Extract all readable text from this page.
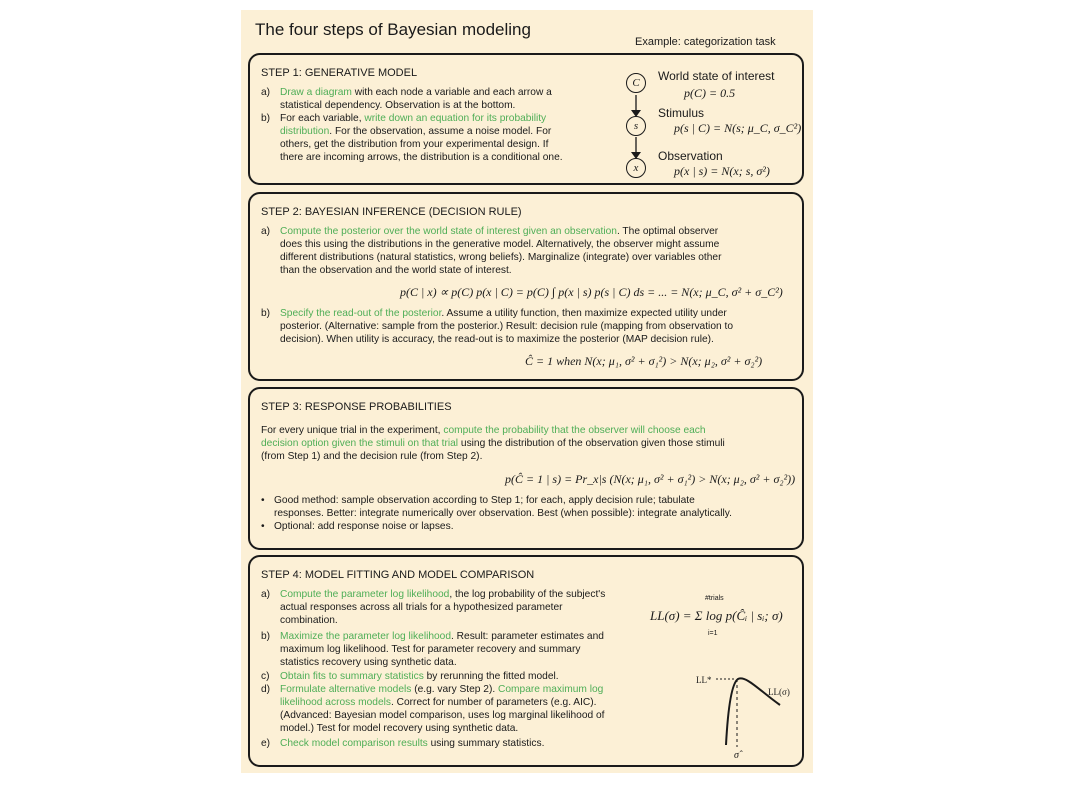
The four steps of Bayesian modeling
Example: categorization task
STEP 1: GENERATIVE MODEL
a) Draw a diagram with each node a variable and each arrow a
statistical dependency. Observation is at the bottom.
b) For each variable, write down an equation for its probability
distribution. For the observation, assume a noise model. For
others, get the distribution from your experimental design. If
there are incoming arrows, the distribution is a conditional one.
C
s
x
World state of interest
p(C) = 0.5
Stimulus
p(s | C) = N(s; μ_C, σ_C²)
Observation
p(x | s) = N(x; s, σ²)
STEP 2: BAYESIAN INFERENCE (DECISION RULE)
a) Compute the posterior over the world state of interest given an observation. The optimal observer
does this using the distributions in the generative model. Alternatively, the observer might assume
different distributions (natural statistics, wrong beliefs). Marginalize (integrate) over variables other
than the observation and the world state of interest.
p(C | x) ∝ p(C) p(x | C) = p(C) ∫ p(x | s) p(s | C) ds = ... = N(x; μ_C, σ² + σ_C²)
b) Specify the read-out of the posterior. Assume a utility function, then maximize expected utility under
posterior. (Alternative: sample from the posterior.) Result: decision rule (mapping from observation to
decision). When utility is accuracy, the read-out is to maximize the posterior (MAP decision rule).
Ĉ = 1 when N(x; μ₁, σ² + σ₁²) > N(x; μ₂, σ² + σ₂²)
STEP 3: RESPONSE PROBABILITIES
For every unique trial in the experiment, compute the probability that the observer will choose each
decision option given the stimuli on that trial using the distribution of the observation given those stimuli
(from Step 1) and the decision rule (from Step 2).
p(Ĉ = 1 | s) = Pr_x|s (N(x; μ₁, σ² + σ₁²) > N(x; μ₂, σ² + σ₂²))
• Good method: sample observation according to Step 1; for each, apply decision rule; tabulate
responses. Better: integrate numerically over observation. Best (when possible): integrate analytically.
• Optional: add response noise or lapses.
STEP 4: MODEL FITTING AND MODEL COMPARISON
a) Compute the parameter log likelihood, the log probability of the subject's
actual responses across all trials for a hypothesized parameter
combination.
b) Maximize the parameter log likelihood. Result: parameter estimates and
maximum log likelihood. Test for parameter recovery and summary
statistics recovery using synthetic data.
c) Obtain fits to summary statistics by rerunning the fitted model.
d) Formulate alternative models (e.g. vary Step 2). Compare maximum log
likelihood across models. Correct for number of parameters (e.g. AIC).
(Advanced: Bayesian model comparison, uses log marginal likelihood of
model.) Test for model recovery using synthetic data.
e) Check model comparison results using summary statistics.
#trials
LL(σ) = Σ log p(Ĉᵢ | sᵢ; σ)
i=1
LL*
LL(σ)
σ̂
